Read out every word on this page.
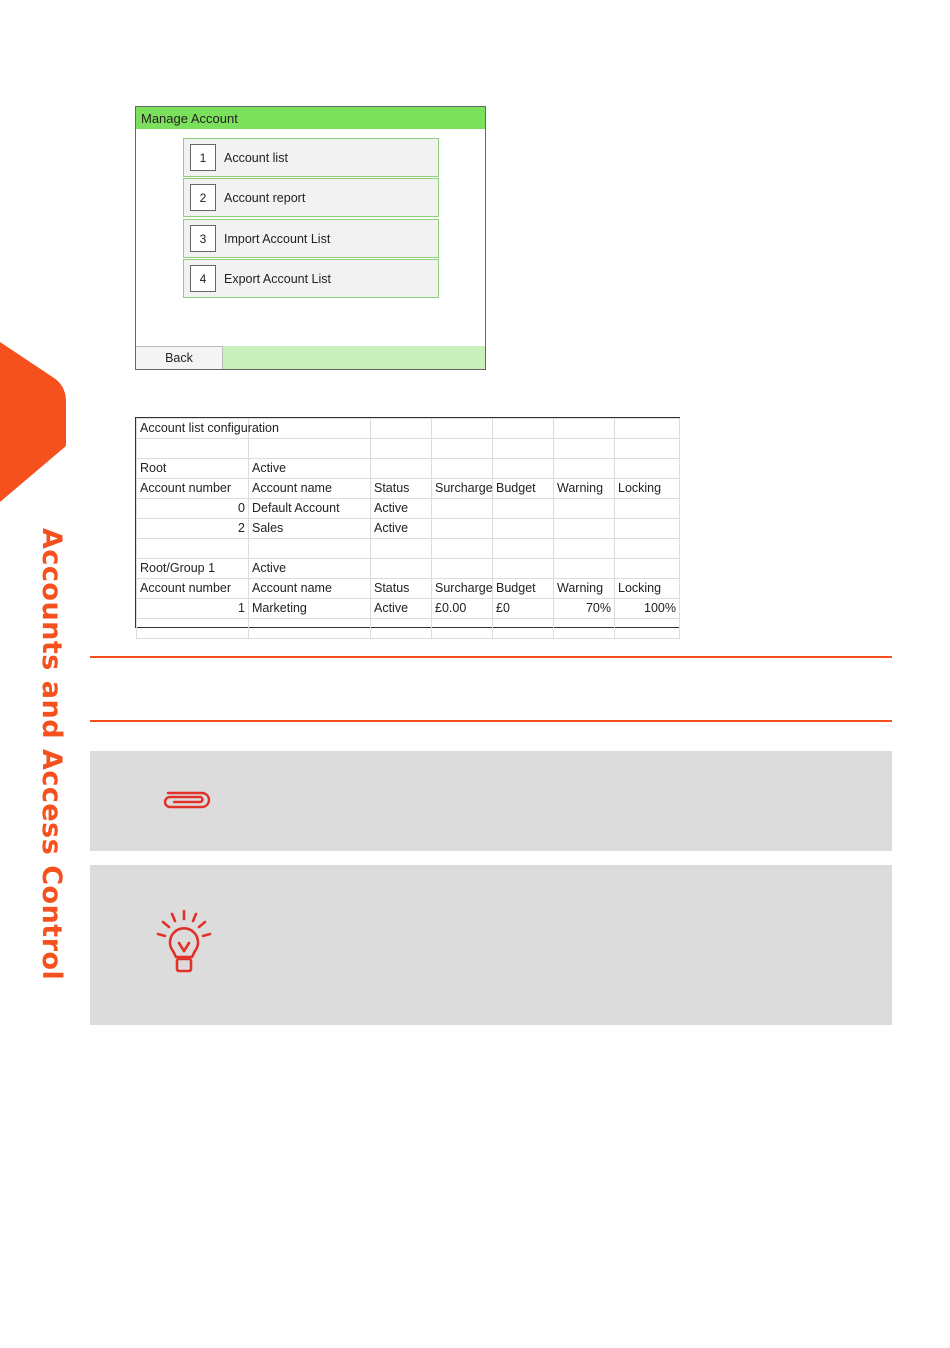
Accounts and Access Control
Manage Account
1	Account list
2	Account report
3	Import Account List
4	Export Account List
Back
Account list configuration						

Root	Active					
Account number	Account name	Status	Surcharge	Budget	Warning	Locking
0	Default Account	Active				
2	Sales	Active				

Root/Group 1	Active					
Account number	Account name	Status	Surcharge	Budget	Warning	Locking
1	Marketing	Active	£0.00	£0	70%	100%
